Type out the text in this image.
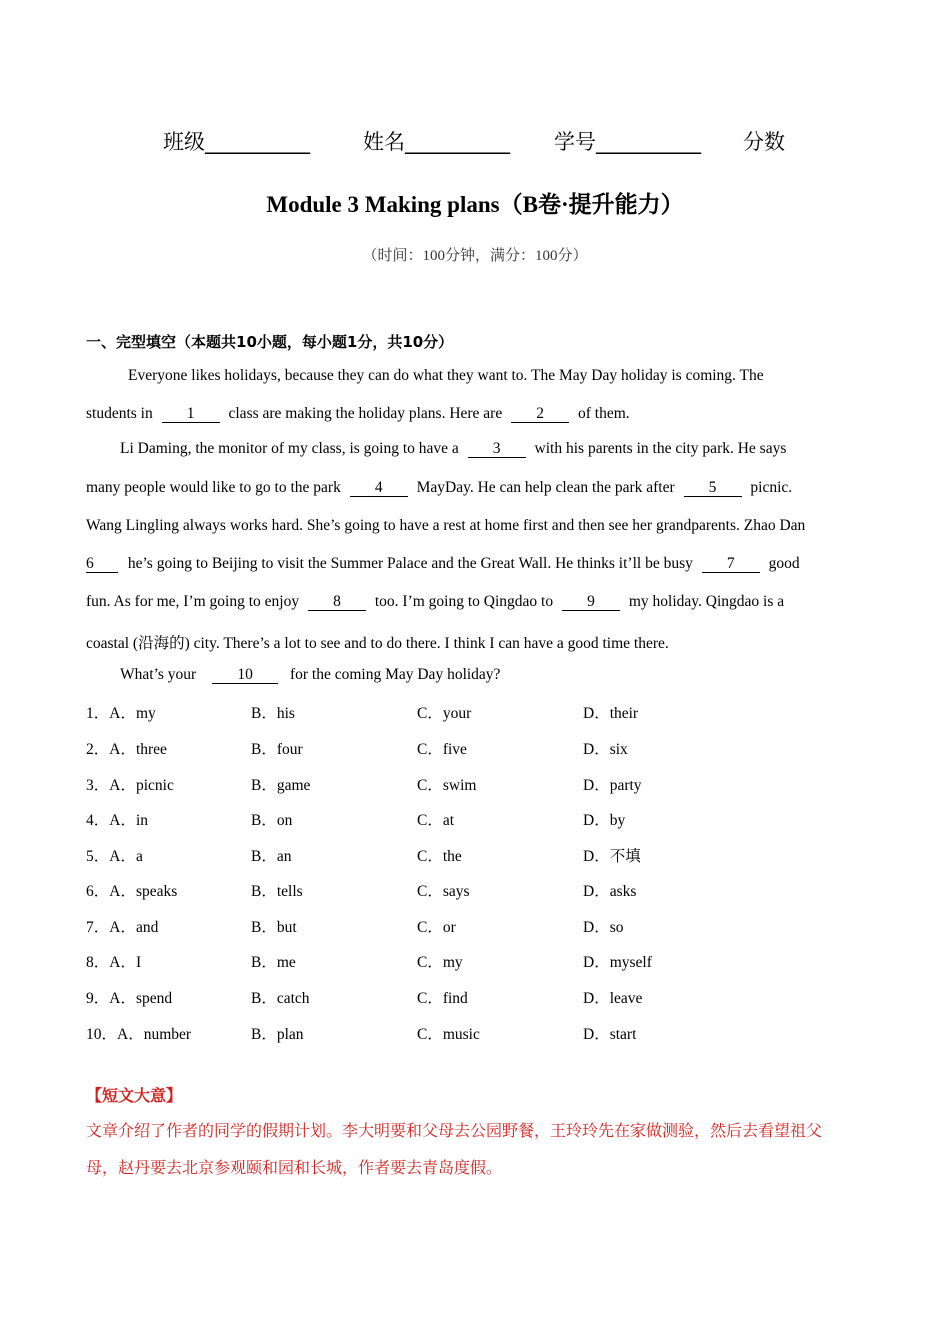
班级__________	姓名__________ 学号__________ 分数
Module 3 Making plans（B卷·提升能力）
（时间：100分钟，满分：100分）
一、完型填空（本题共10小题，每小题1分，共10分）
Everyone likes holidays, because they can do what they want to. The May Day holiday is coming. The
students in 1 class are making the holiday plans. Here are 2 of them.
Li Daming, the monitor of my class, is going to have a 3 with his parents in the city park. He says
many people would like to go to the park 4 MayDay. He can help clean the park after 5 picnic.
Wang Lingling always works hard. She’s going to have a rest at home first and then see her grandparents. Zhao Dan
6 he’s going to Beijing to visit the Summer Palace and the Great Wall. He thinks it’ll be busy 7 good
fun. As for me, I’m going to enjoy 8 too. I’m going to Qingdao to 9 my holiday. Qingdao is a
coastal (沿海的) city. There’s a lot to see and to do there. I think I can have a good time there.
What’s your	10 for the coming May Day holiday?
1．A．my	B．his	C．your	D．their
2．A．three	B．four	C．five	D．six
3．A．picnic	B．game	C．swim	D．party
4．A．in	B．on	C．at	D．by
5．A．a	B．an	C．the	D．不填
6．A．speaks	B．tells	C．says	D．asks
7．A．and	B．but	C．or	D．so
8．A．I	B．me	C．my	D．myself
9．A．spend	B．catch	C．find	D．leave
10．A．number	B．plan	C．music	D．start
【短文大意】
文章介绍了作者的同学的假期计划。李大明要和父母去公园野餐，王玲玲先在家做测验，然后去看望祖父
母，赵丹要去北京参观颐和园和长城，作者要去青岛度假。
